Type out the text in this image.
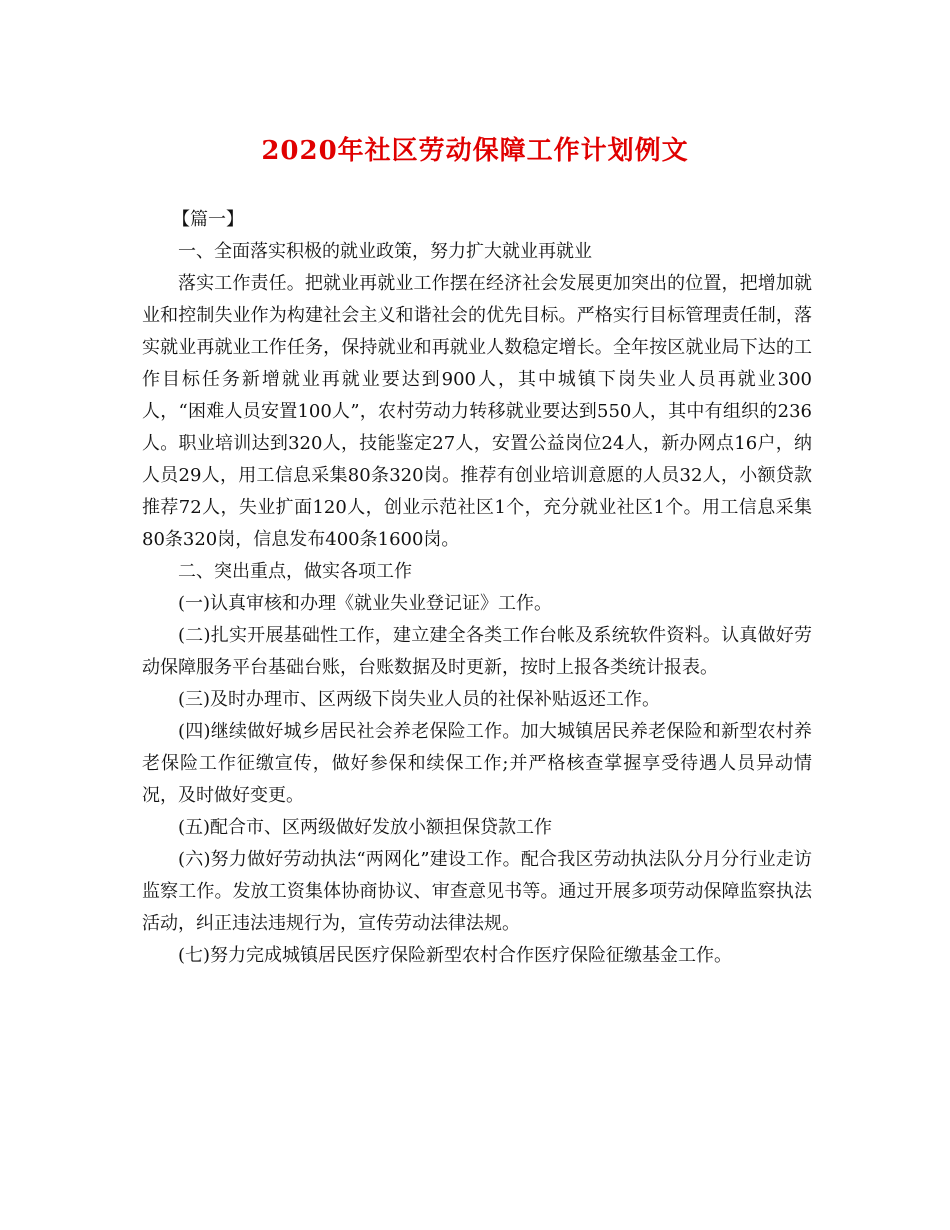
2020年社区劳动保障工作计划例文

【篇一】

一、全面落实积极的就业政策，努力扩大就业再就业

落实工作责任。把就业再就业工作摆在经济社会发展更加突出的位置，把增加就业和控制失业作为构建社会主义和谐社会的优先目标。严格实行目标管理责任制，落实就业再就业工作任务，保持就业和再就业人数稳定增长。全年按区就业局下达的工作目标任务新增就业再就业要达到900人，其中城镇下岗失业人员再就业300人，“困难人员安置100人”，农村劳动力转移就业要达到550人，其中有组织的236人。职业培训达到320人，技能鉴定27人，安置公益岗位24人，新办网点16户，纳人员29人，用工信息采集80条320岗。推荐有创业培训意愿的人员32人，小额贷款推荐72人，失业扩面120人，创业示范社区1个，充分就业社区1个。用工信息采集80条320岗，信息发布400条1600岗。

二、突出重点，做实各项工作

(一)认真审核和办理《就业失业登记证》工作。

(二)扎实开展基础性工作，建立建全各类工作台帐及系统软件资料。认真做好劳动保障服务平台基础台账，台账数据及时更新，按时上报各类统计报表。

(三)及时办理市、区两级下岗失业人员的社保补贴返还工作。

(四)继续做好城乡居民社会养老保险工作。加大城镇居民养老保险和新型农村养老保险工作征缴宣传，做好参保和续保工作;并严格核查掌握享受待遇人员异动情况，及时做好变更。

(五)配合市、区两级做好发放小额担保贷款工作

(六)努力做好劳动执法“两网化”建设工作。配合我区劳动执法队分月分行业走访监察工作。发放工资集体协商协议、审查意见书等。通过开展多项劳动保障监察执法活动，纠正违法违规行为，宣传劳动法律法规。

(七)努力完成城镇居民医疗保险新型农村合作医疗保险征缴基金工作。
